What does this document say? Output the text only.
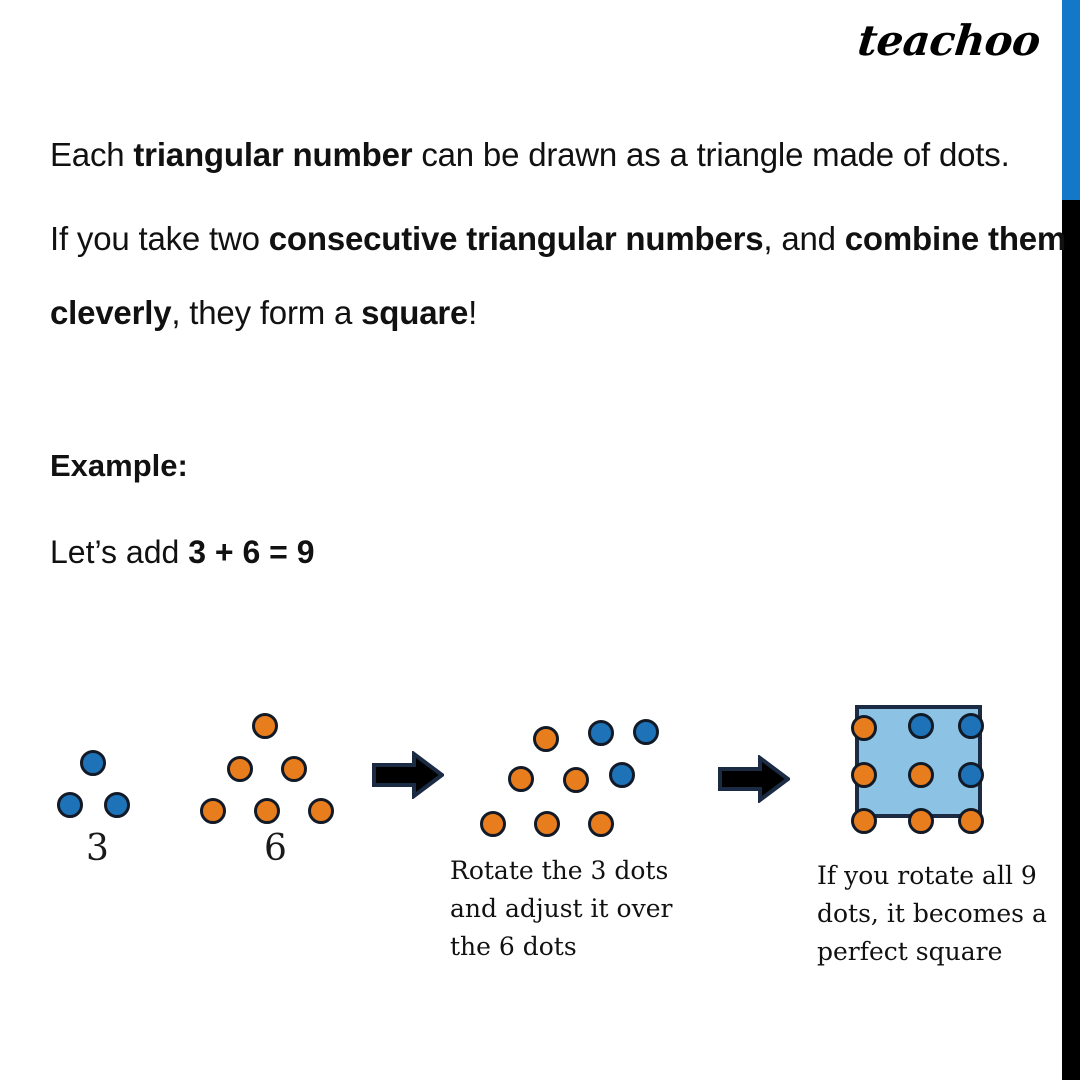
teachoo
Each triangular number can be drawn as a triangle made of dots.
If you take two consecutive triangular numbers, and combine them
cleverly, they form a square!
Example:
Let’s add 3 + 6 = 9
3	6
Rotate the 3 dots and adjust it over the 6 dots
If you rotate all 9 dots, it becomes a perfect square
